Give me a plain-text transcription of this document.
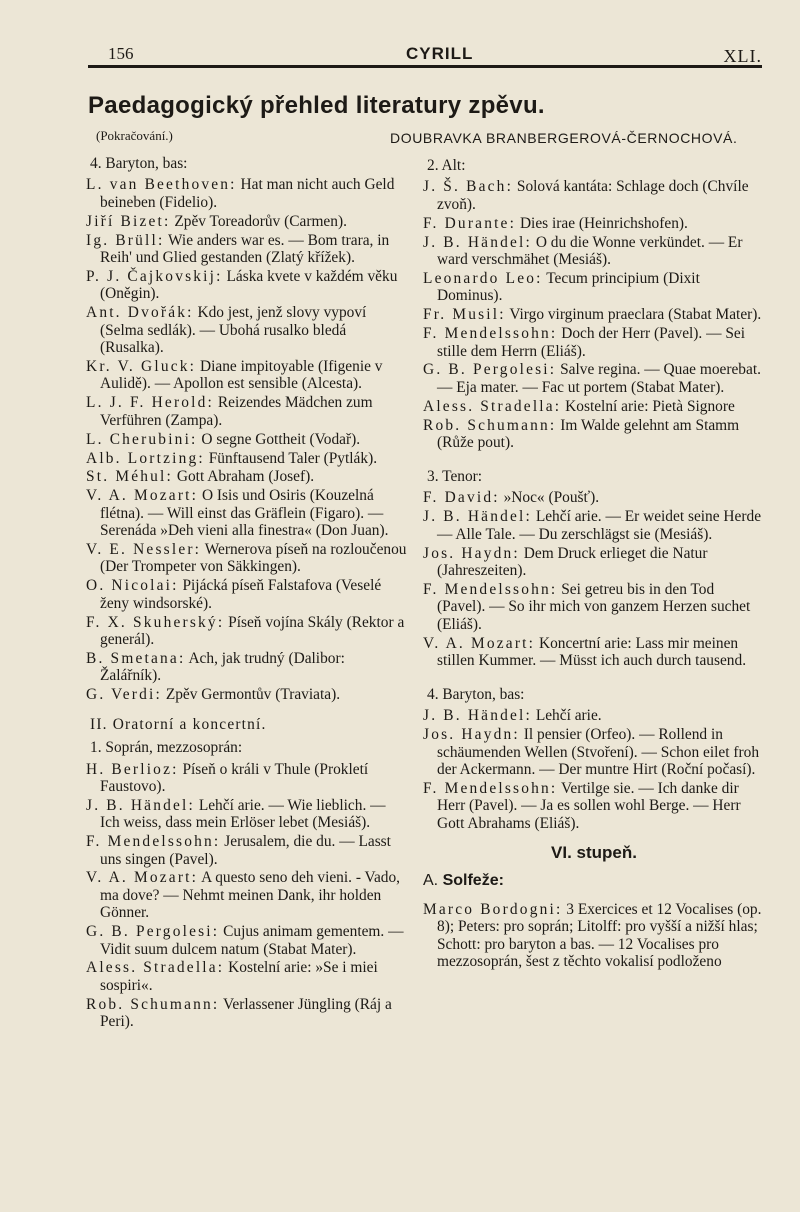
156	CYRILL	XLI.
Paedagogický přehled literatury zpěvu.
(Pokračování.)	DOUBRAVKA BRANBERGEROVÁ-ČERNOCHOVÁ.
4. Baryton, bas:

L. van Beethoven: Hat man nicht auch Geld beineben (Fidelio).

Jiří Bizet: Zpěv Toreadorův (Carmen).

Ig. Brüll: Wie anders war es. — Bom trara, in Reih' und Glied gestanden (Zlatý křížek).

P. J. Čajkovskij: Láska kvete v každém věku (Oněgin).

Ant. Dvořák: Kdo jest, jenž slovy vypoví (Selma sedlák). — Ubohá rusalko bledá (Rusalka).

Kr. V. Gluck: Diane impitoyable (Ifigenie v Aulidě). — Apollon est sensible (Alcesta).

L. J. F. Herold: Reizendes Mädchen zum Verführen (Zampa).

L. Cherubini: O segne Gottheit (Vodař).

Alb. Lortzing: Fünftausend Taler (Pytlák).

St. Méhul: Gott Abraham (Josef).

V. A. Mozart: O Isis und Osiris (Kouzelná flétna). — Will einst das Gräflein (Figaro). — Serenáda »Deh vieni alla finestra« (Don Juan).

V. E. Nessler: Wernerova píseň na rozloučenou (Der Trompeter von Säkkingen).

O. Nicolai: Pijácká píseň Falstafova (Veselé ženy windsorské).

F. X. Skuherský: Píseň vojína Skály (Rektor a generál).

B. Smetana: Ach, jak trudný (Dalibor: Žalářník).

G. Verdi: Zpěv Germontův (Traviata).

II. Oratorní a koncertní.
1. Soprán, mezzosoprán:

H. Berlioz: Píseň o králi v Thule (Prokletí Faustovo).

J. B. Händel: Lehčí arie. — Wie lieblich. — Ich weiss, dass mein Erlöser lebet (Mesiáš).

F. Mendelssohn: Jerusalem, die du. — Lasst uns singen (Pavel).

V. A. Mozart: A questo seno deh vieni. - Vado, ma dove? — Nehmt meinen Dank, ihr holden Gönner.

G. B. Pergolesi: Cujus animam gementem. — Vidit suum dulcem natum (Stabat Mater).

Aless. Stradella: Kostelní arie: »Se i miei sospiri«.

Rob. Schumann: Verlassener Jüngling (Ráj a Peri).

2. Alt:

J. Š. Bach: Solová kantáta: Schlage doch (Chvíle zvoň).

F. Durante: Dies irae (Heinrichshofen).

J. B. Händel: O du die Wonne verkündet. — Er ward verschmähet (Mesiáš).

Leonardo Leo: Tecum principium (Dixit Dominus).

Fr. Musil: Virgo virginum praeclara (Stabat Mater).

F. Mendelssohn: Doch der Herr (Pavel). — Sei stille dem Herrn (Eliáš).

G. B. Pergolesi: Salve regina. — Quae moerebat. — Eja mater. — Fac ut portem (Stabat Mater).

Aless. Stradella: Kostelní arie: Pietà Signore

Rob. Schumann: Im Walde gelehnt am Stamm (Růže pout).

3. Tenor:

F. David: »Noc« (Poušť).

J. B. Händel: Lehčí arie. — Er weidet seine Herde — Alle Tale. — Du zerschlägst sie (Mesiáš).

Jos. Haydn: Dem Druck erlieget die Natur (Jahreszeiten).

F. Mendelssohn: Sei getreu bis in den Tod (Pavel). — So ihr mich von ganzem Herzen suchet (Eliáš).

V. A. Mozart: Koncertní arie: Lass mir meinen stillen Kummer. — Müsst ich auch durch tausend.

4. Baryton, bas:

J. B. Händel: Lehčí arie.

Jos. Haydn: Il pensier (Orfeo). — Rollend in schäumenden Wellen (Stvoření). — Schon eilet froh der Ackermann. — Der muntre Hirt (Roční počasí).

F. Mendelssohn: Vertilge sie. — Ich danke dir Herr (Pavel). — Ja es sollen wohl Berge. — Herr Gott Abrahams (Eliáš).

VI. stupeň.
A. Solfeže:

Marco Bordogni: 3 Exercices et 12 Vocalises (op. 8); Peters: pro soprán; Litolff: pro vyšší a nižší hlas; Schott: pro baryton a bas. — 12 Vocalises pro mezzosoprán, šest z těchto vokalisí podloženo
